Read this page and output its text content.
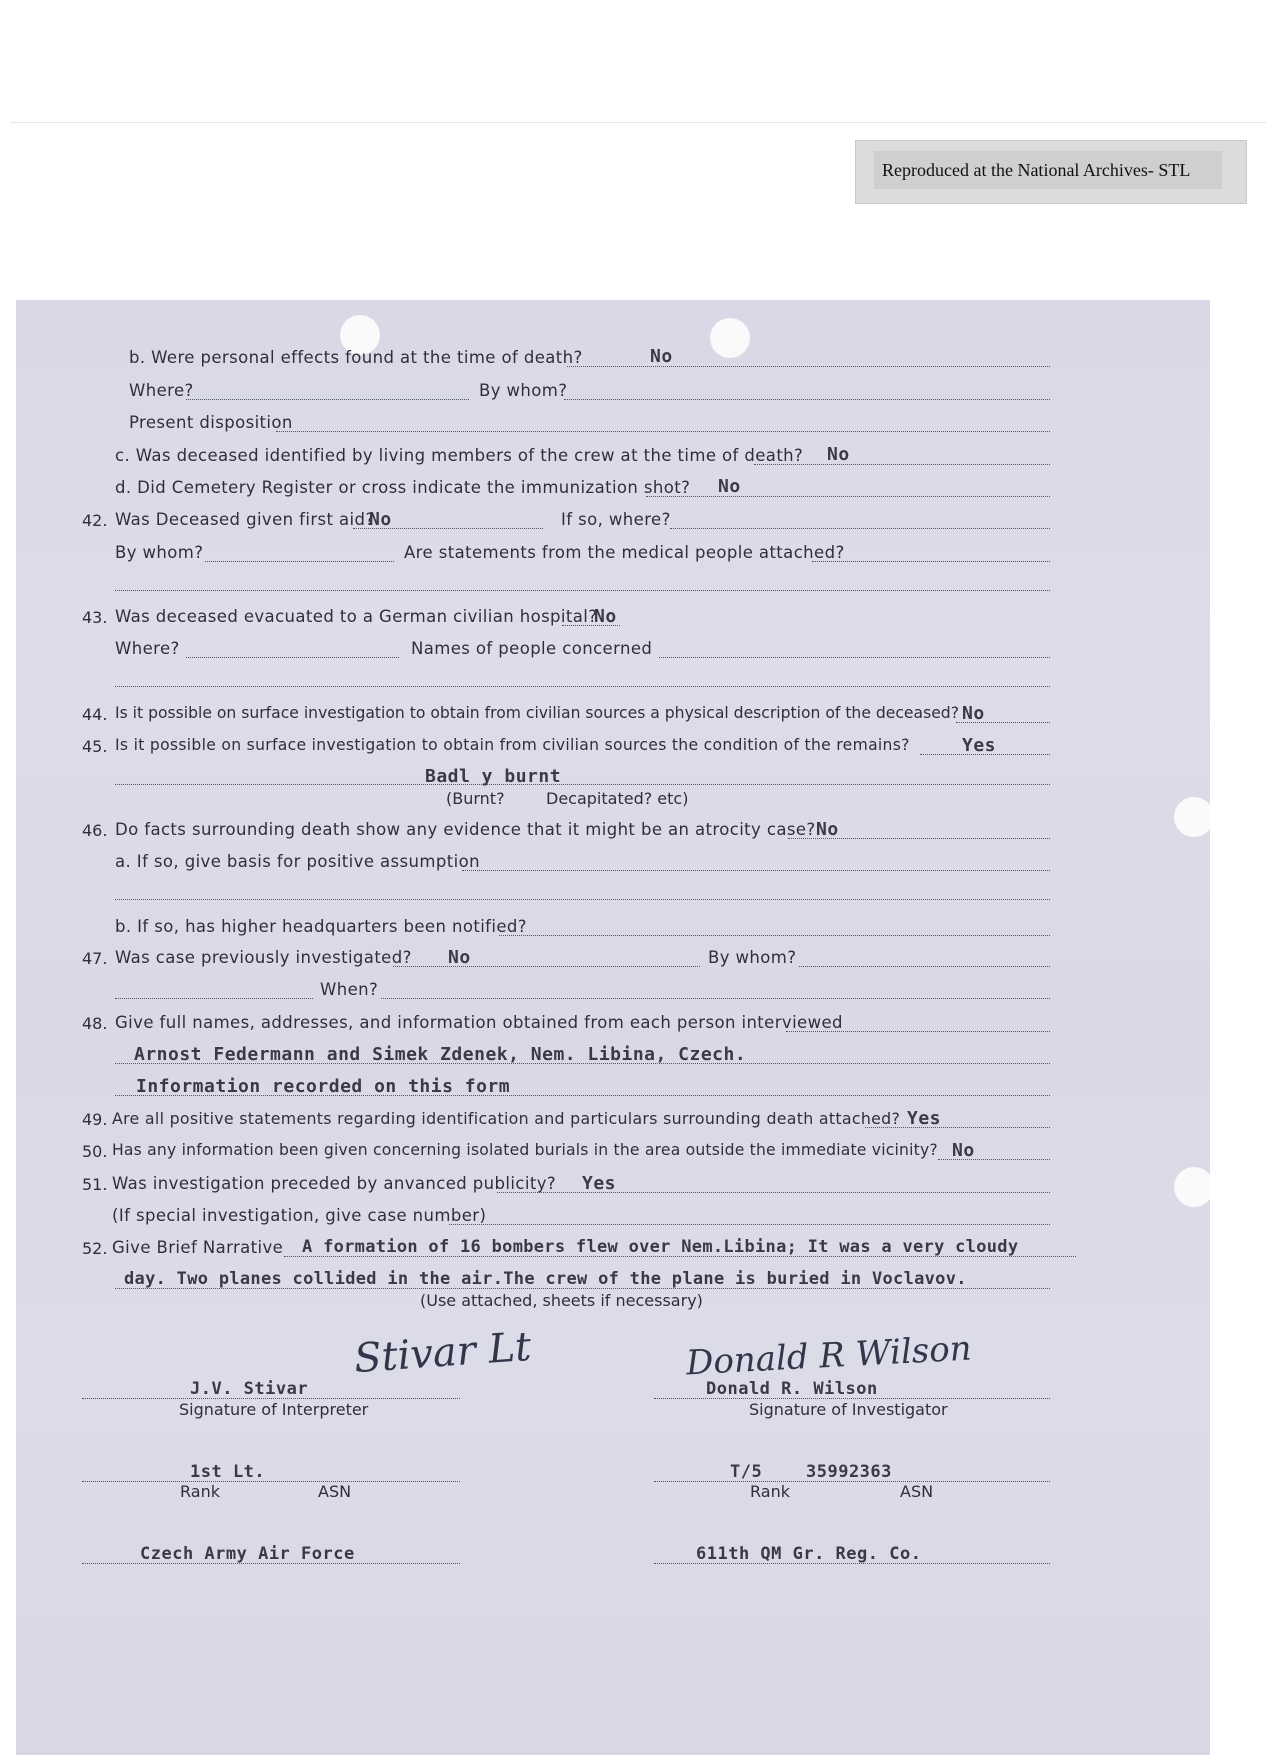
Reproduced at the National Archives- STL
b. Were personal effects found at the time of death?	No
Where?	By whom?
Present disposition
c. Was deceased identified by living members of the crew at the time of death? No
d. Did Cemetery Register or cross indicate the immunization shot? No
42. Was Deceased given first aid?
No	If so, where?
By whom?	Are statements from the medical people attached?
43. Was deceased evacuated to a German civilian hospital?
No
Where?	Names of people concerned
44. Is it possible on surface investigation to obtain from civilian sources a physical description of the deceased? No
45. Is it possible on surface investigation to obtain from civilian sources the condition of the remains?	Yes
Badl y burnt
(Burnt?	Decapitated? etc)
46. Do facts surrounding death show any evidence that it might be an atrocity case? No
a. If so, give basis for positive assumption
b. If so, has higher headquarters been notified?
47. Was case previously investigated? No	By whom?
When?
48. Give full names, addresses, and information obtained from each person interviewed
Arnost Federmann and Simek Zdenek, Nem. Libina, Czech.
Information recorded on this form
49. Are all positive statements regarding identification and particulars surrounding death attached? Yes
50. Has any information been given concerning isolated burials in the area outside the immediate vicinity? No
51. Was investigation preceded by anvanced publicity? Yes
(If special investigation, give case number)
52. Give Brief Narrative A formation of 16 bombers flew over Nem.Libina; It was a very cloudy
day. Two planes collided in the air.The crew of the plane is buried in Voclavov.
(Use attached, sheets if necessary)
Stivar Lt	Donald R Wilson
J.V. Stivar
Signature of Interpreter
Donald R. Wilson
Signature of Investigator
1st Lt.
Rank	ASN
T/5	35992363
Rank	ASN
Czech Army Air Force	611th QM Gr. Reg. Co.
